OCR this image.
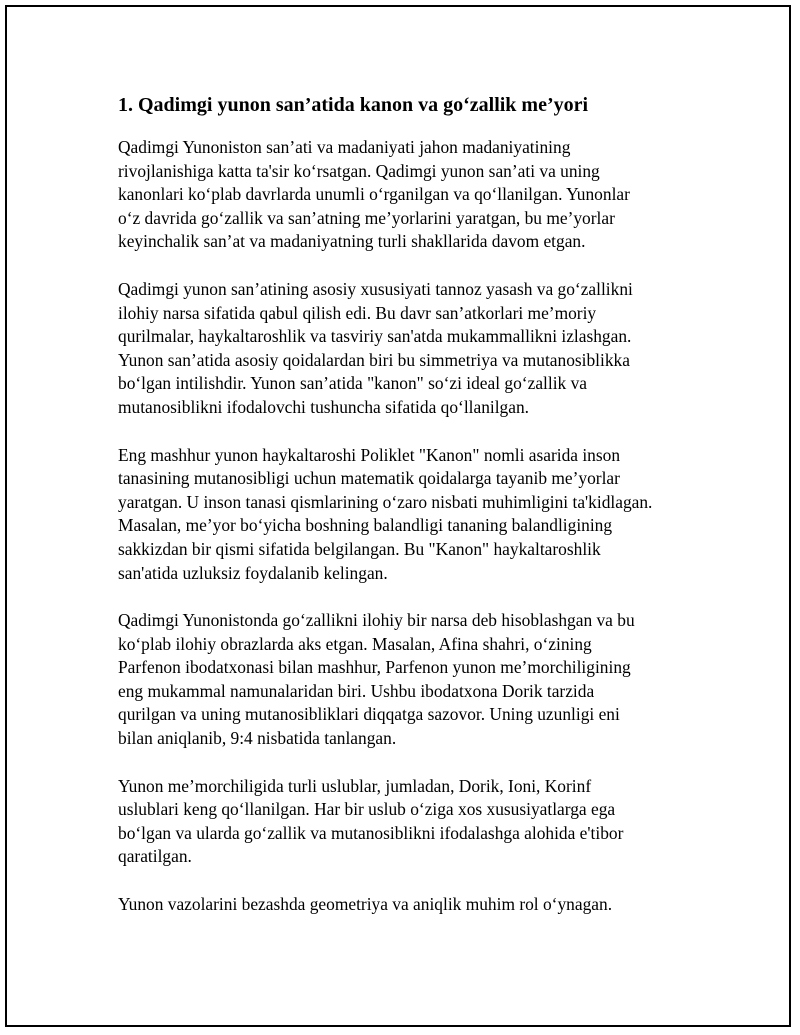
1. Qadimgi yunon san’atida kanon va go‘zallik me’yori

Qadimgi Yunoniston san’ati va madaniyati jahon madaniyatining
rivojlanishiga katta ta'sir ko‘rsatgan. Qadimgi yunon san’ati va uning
kanonlari ko‘plab davrlarda unumli o‘rganilgan va qo‘llanilgan. Yunonlar
o‘z davrida go‘zallik va san’atning me’yorlarini yaratgan, bu me’yorlar
keyinchalik san’at va madaniyatning turli shakllarida davom etgan.

Qadimgi yunon san’atining asosiy xususiyati tannoz yasash va go‘zallikni
ilohiy narsa sifatida qabul qilish edi. Bu davr san’atkorlari me’moriy
qurilmalar, haykaltaroshlik va tasviriy san'atda mukammallikni izlashgan.
Yunon san’atida asosiy qoidalardan biri bu simmetriya va mutanosiblikka
bo‘lgan intilishdir. Yunon san’atida "kanon" so‘zi ideal go‘zallik va
mutanosiblikni ifodalovchi tushuncha sifatida qo‘llanilgan.

Eng mashhur yunon haykaltaroshi Poliklet "Kanon" nomli asarida inson
tanasining mutanosibligi uchun matematik qoidalarga tayanib me’yorlar
yaratgan. U inson tanasi qismlarining o‘zaro nisbati muhimligini ta'kidlagan.
Masalan, me’yor bo‘yicha boshning balandligi tananing balandligining
sakkizdan bir qismi sifatida belgilangan. Bu "Kanon" haykaltaroshlik
san'atida uzluksiz foydalanib kelingan.

Qadimgi Yunonistonda go‘zallikni ilohiy bir narsa deb hisoblashgan va bu
ko‘plab ilohiy obrazlarda aks etgan. Masalan, Afina shahri, o‘zining
Parfenon ibodatxonasi bilan mashhur, Parfenon yunon me’morchiligining
eng mukammal namunalaridan biri. Ushbu ibodatxona Dorik tarzida
qurilgan va uning mutanosibliklari diqqatga sazovor. Uning uzunligi eni
bilan aniqlanib, 9:4 nisbatida tanlangan.

Yunon me’morchiligida turli uslublar, jumladan, Dorik, Ioni, Korinf
uslublari keng qo‘llanilgan. Har bir uslub o‘ziga xos xususiyatlarga ega
bo‘lgan va ularda go‘zallik va mutanosiblikni ifodalashga alohida e'tibor
qaratilgan.

Yunon vazolarini bezashda geometriya va aniqlik muhim rol o‘ynagan.
